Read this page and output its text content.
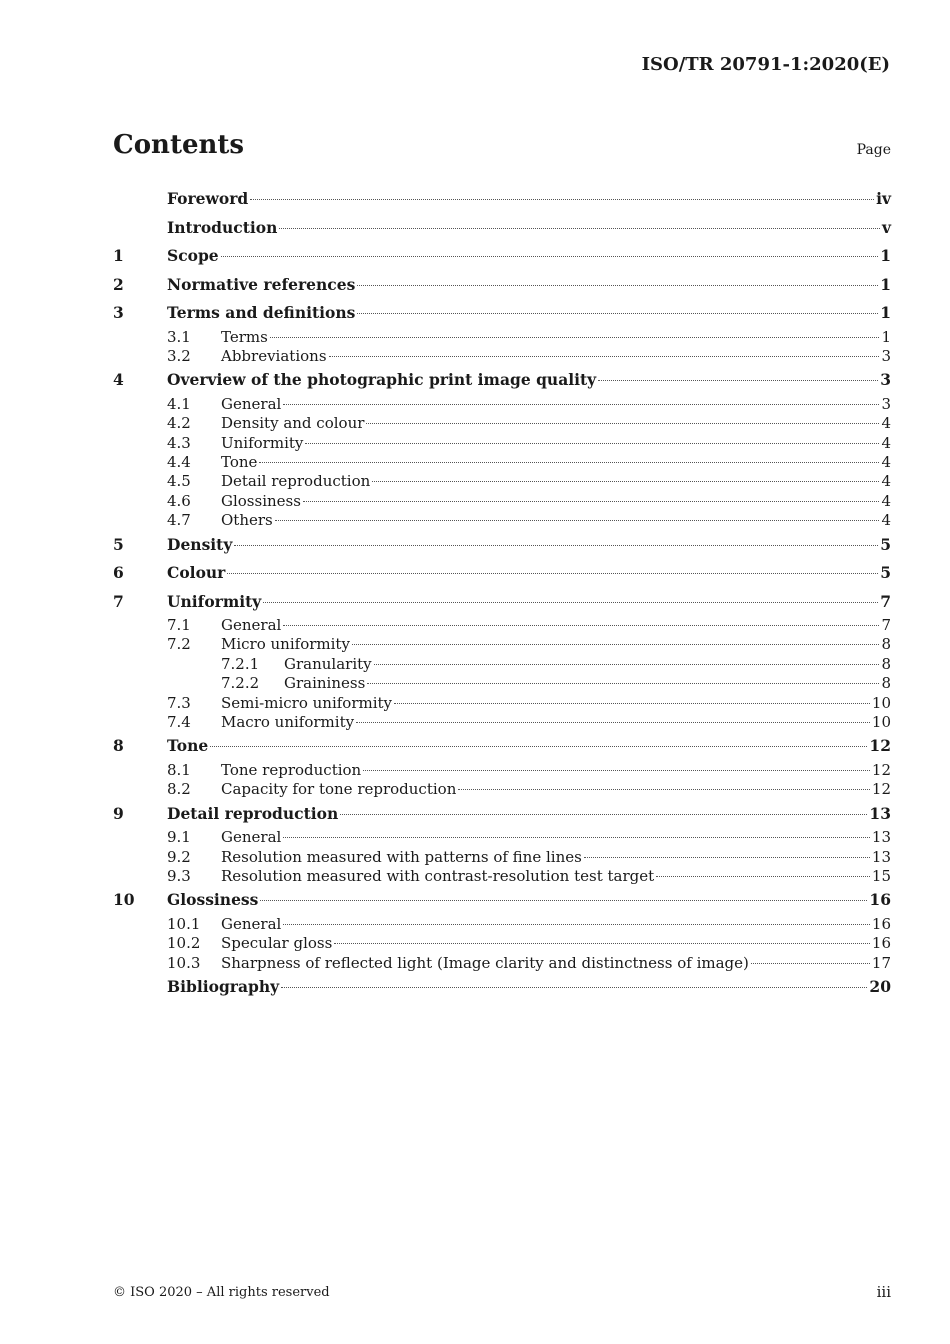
ISO/TR 20791-1:2020(E)
Contents	Page
Foreword	iv
Introduction	v
1	Scope	1
2	Normative references	1
3	Terms and definitions	1
3.1	Terms	1
3.2	Abbreviations	3
4	Overview of the photographic print image quality	3
4.1	General	3
4.2	Density and colour	4
4.3	Uniformity	4
4.4	Tone	4
4.5	Detail reproduction	4
4.6	Glossiness	4
4.7	Others	4
5	Density	5
6	Colour	5
7	Uniformity	7
7.1	General	7
7.2	Micro uniformity	8
7.2.1	Granularity	8
7.2.2	Graininess	8
7.3	Semi-micro uniformity	10
7.4	Macro uniformity	10
8	Tone	12
8.1	Tone reproduction	12
8.2	Capacity for tone reproduction	12
9	Detail reproduction	13
9.1	General	13
9.2	Resolution measured with patterns of fine lines	13
9.3	Resolution measured with contrast-resolution test target	15
10	Glossiness	16
10.1	General	16
10.2	Specular gloss	16
10.3	Sharpness of reflected light (Image clarity and distinctness of image)	17
Bibliography	20
© ISO 2020 – All rights reserved	iii
